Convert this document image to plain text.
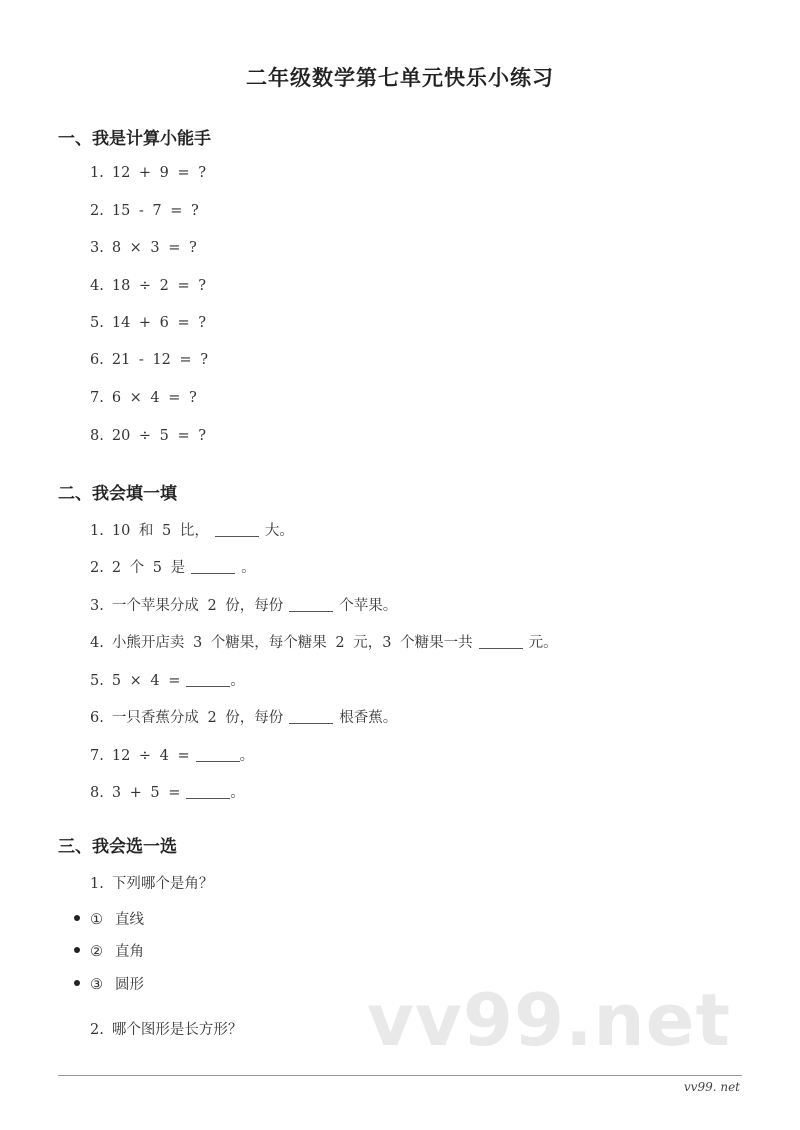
二年级数学第七单元快乐小练习
一、我是计算小能手
1. 12 + 9 = ?
2. 15 - 7 = ?
3. 8 × 3 = ?
4. 18 ÷ 2 = ?
5. 14 + 6 = ?
6. 21 - 12 = ?
7. 6 × 4 = ?
8. 20 ÷ 5 = ?
二、我会填一填
1. 10 和 5 比，	大。
2. 2 个 5 是	。
3. 一个苹果分成 2 份，每份	个苹果。
4. 小熊开店卖 3 个糖果，每个糖果 2 元，3 个糖果一共	元。
5. 5 × 4 =	。
6. 一只香蕉分成 2 份，每份	根香蕉。
7. 12 ÷ 4 =	。
8. 3 + 5 =	。
三、我会选一选
1. 下列哪个是角？
① 直线
② 直角
③ 圆形	vv99.net
2. 哪个图形是长方形？
vv99. net
